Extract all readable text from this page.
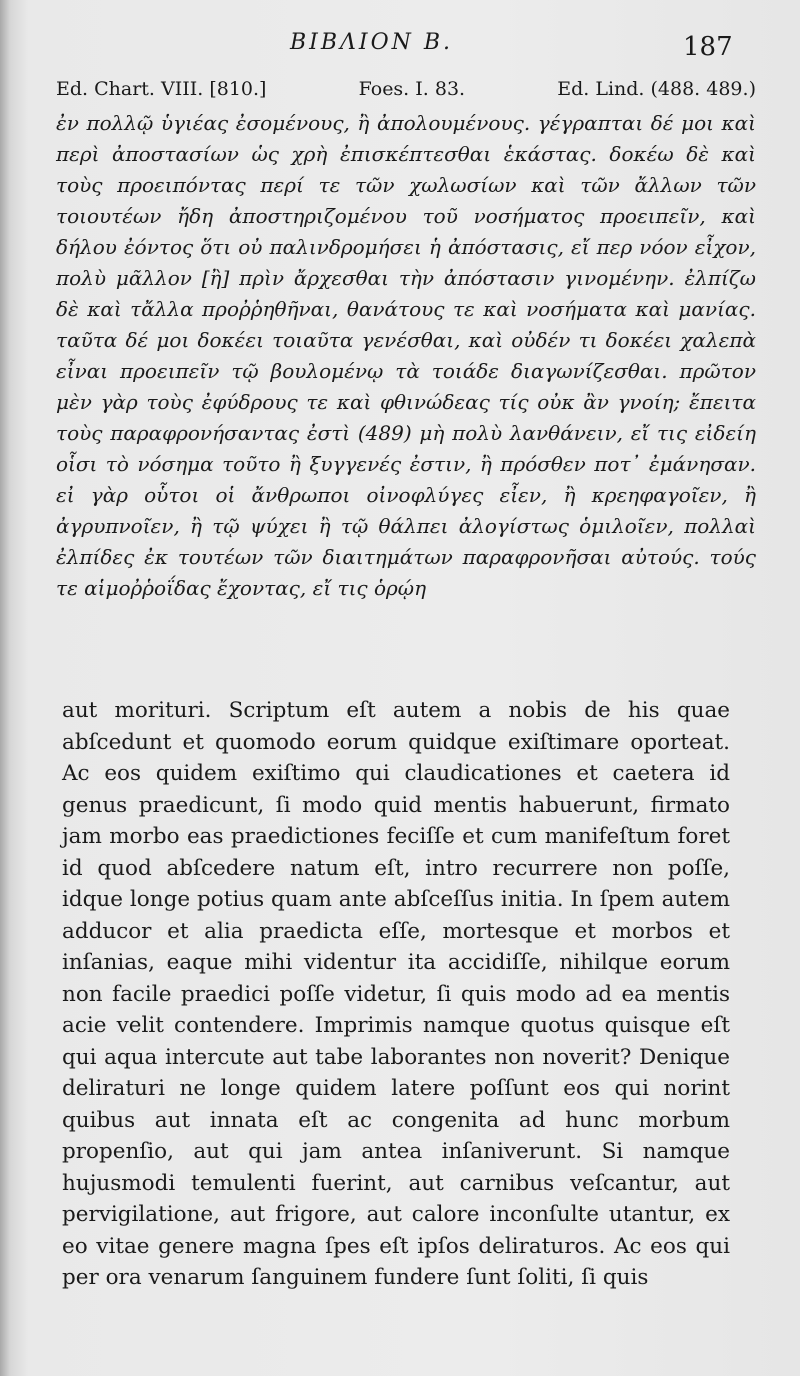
ΒΙΒΛΙΟΝ Β.	187
Ed. Chart. VIII. [810.]	Foes. I. 83.	Ed. Lind. (488. 489.)

ἐν πολλῷ ὑγιέας ἐσομένους, ἢ ἀπολουμένους. γέγραπται δέ μοι καὶ περὶ ἀποστασίων ὡς χρὴ ἐπισκέπτεσθαι ἑκάστας. δοκέω δὲ καὶ τοὺς προειπόντας περί τε τῶν χωλωσίων καὶ τῶν ἄλλων τῶν τοιουτέων ἤδη ἀποστηριζομένου τοῦ νοσήματος προειπεῖν, καὶ δήλου ἐόντος ὅτι οὐ παλινδρομήσει ἡ ἀπόστασις, εἴ περ νόον εἶχον, πολὺ μᾶλλον [ἢ] πρὶν ἄρχεσθαι τὴν ἀπόστασιν γινομένην. ἐλπίζω δὲ καὶ τἄλλα προῤῥηθῆναι, θανάτους τε καὶ νοσήματα καὶ μανίας. ταῦτα δέ μοι δοκέει τοιαῦτα γενέσθαι, καὶ οὐδέν τι δοκέει χαλεπὰ εἶναι προειπεῖν τῷ βουλομένῳ τὰ τοιάδε διαγωνίζεσθαι. πρῶτον μὲν γὰρ τοὺς ἐφύδρους τε καὶ φθινώδεας τίς οὐκ ἂν γνοίη; ἔπειτα τοὺς παραφρονήσαντας ἐστὶ (489) μὴ πολὺ λανθάνειν, εἴ τις εἰδείη οἷσι τὸ νόσημα τοῦτο ἢ ξυγγενές ἐστιν, ἢ πρόσθεν ποτ᾽ ἐμάνησαν. εἰ γὰρ οὗτοι οἱ ἄνθρωποι οἰνοφλύγες εἶεν, ἢ κρεηφαγοῖεν, ἢ ἀγρυπνοῖεν, ἢ τῷ ψύχει ἢ τῷ θάλπει ἀλογίστως ὁμιλοῖεν, πολλαὶ ἐλπίδες ἐκ τουτέων τῶν διαιτημάτων παραφρονῆσαι αὐτούς. τούς τε αἱμοῤῥοΐδας ἔχοντας, εἴ τις ὁρῴη

aut morituri. Scriptum eſt autem a nobis de his quae abſcedunt et quomodo eorum quidque exiſtimare oporteat. Ac eos quidem exiſtimo qui claudicationes et caetera id genus praedicunt, ſi modo quid mentis habuerunt, firmato jam morbo eas praedictiones feciſſe et cum manifeſtum foret id quod abſcedere natum eſt, intro recurrere non poſſe, idque longe potius quam ante abſceſſus initia. In ſpem autem adducor et alia praedicta eſſe, mortesque et morbos et inſanias, eaque mihi videntur ita accidiſſe, nihilque eorum non facile praedici poſſe videtur, ſi quis modo ad ea mentis acie velit contendere. Imprimis namque quotus quisque eſt qui aqua intercute aut tabe laborantes non noverit? Denique deliraturi ne longe quidem latere poſſunt eos qui norint quibus aut innata eſt ac congenita ad hunc morbum propenſio, aut qui jam antea inſaniverunt. Si namque hujusmodi temulenti fuerint, aut carnibus veſcantur, aut pervigilatione, aut frigore, aut calore inconſulte utantur, ex eo vitae genere magna ſpes eſt ipſos deliraturos. Ac eos qui per ora venarum ſanguinem fundere ſunt ſoliti, ſi quis
